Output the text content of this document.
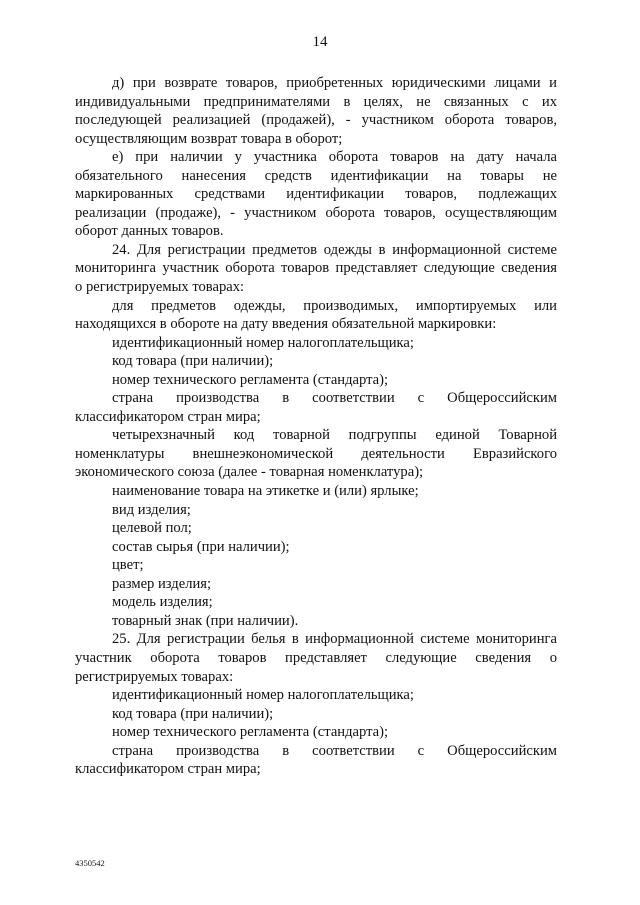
14

д) при возврате товаров, приобретенных юридическими лицами и

индивидуальными предпринимателями в целях, не связанных с их

последующей реализацией (продажей), - участником оборота товаров,

осуществляющим возврат товара в оборот;

е) при наличии у участника оборота товаров на дату начала

обязательного нанесения средств идентификации на товары не

маркированных средствами идентификации товаров, подлежащих

реализации (продаже), - участником оборота товаров, осуществляющим

оборот данных товаров.

24. Для регистрации предметов одежды в информационной системе

мониторинга участник оборота товаров представляет следующие сведения

о регистрируемых товарах:

для предметов одежды, производимых, импортируемых или

находящихся в обороте на дату введения обязательной маркировки:

идентификационный номер налогоплательщика;

код товара (при наличии);

номер технического регламента (стандарта);

страна производства в соответствии с Общероссийским

классификатором стран мира;

четырехзначный код товарной подгруппы единой Товарной

номенклатуры внешнеэкономической деятельности Евразийского

экономического союза (далее - товарная номенклатура);

наименование товара на этикетке и (или) ярлыке;

вид изделия;

целевой пол;

состав сырья (при наличии);

цвет;

размер изделия;

модель изделия;

товарный знак (при наличии).

25. Для регистрации белья в информационной системе мониторинга

участник оборота товаров представляет следующие сведения о

регистрируемых товарах:

идентификационный номер налогоплательщика;

код товара (при наличии);

номер технического регламента (стандарта);

страна производства в соответствии с Общероссийским

классификатором стран мира;

4350542
